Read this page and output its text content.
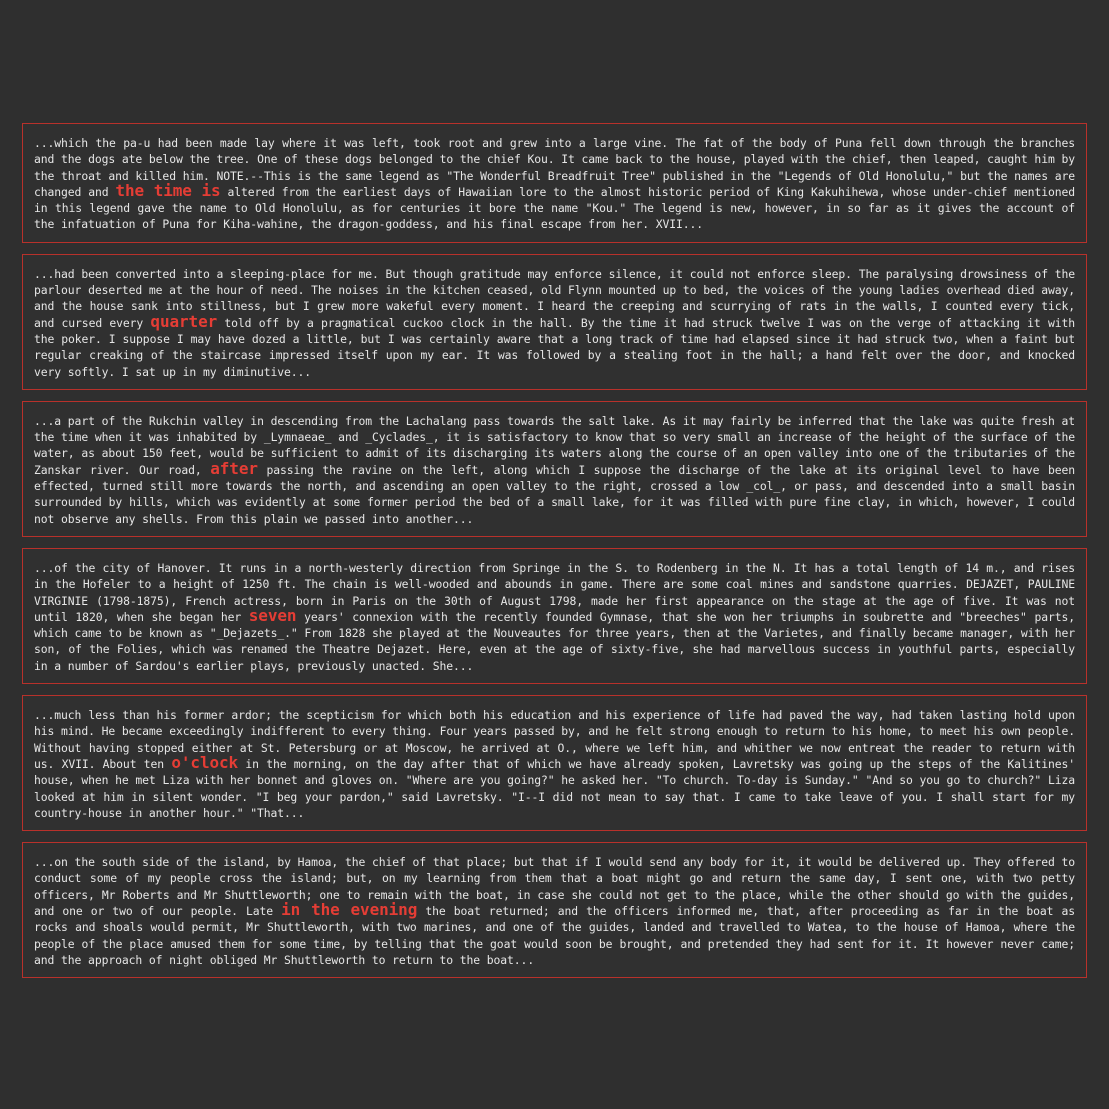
...which the pa-u had been made lay where it was left, took root and grew into a large vine. The fat of the body of Puna fell down through the branches and the dogs ate below the tree. One of these dogs belonged to the chief Kou. It came back to the house, played with the chief, then leaped, caught him by the throat and killed him. NOTE.--This is the same legend as "The Wonderful Breadfruit Tree" published in the "Legends of Old Honolulu," but the names are changed and the time is altered from the earliest days of Hawaiian lore to the almost historic period of King Kakuhihewa, whose under-chief mentioned in this legend gave the name to Old Honolulu, as for centuries it bore the name "Kou." The legend is new, however, in so far as it gives the account of the infatuation of Puna for Kiha-wahine, the dragon-goddess, and his final escape from her. XVII...
...had been converted into a sleeping-place for me. But though gratitude may enforce silence, it could not enforce sleep. The paralysing drowsiness of the parlour deserted me at the hour of need. The noises in the kitchen ceased, old Flynn mounted up to bed, the voices of the young ladies overhead died away, and the house sank into stillness, but I grew more wakeful every moment. I heard the creeping and scurrying of rats in the walls, I counted every tick, and cursed every quarter told off by a pragmatical cuckoo clock in the hall. By the time it had struck twelve I was on the verge of attacking it with the poker. I suppose I may have dozed a little, but I was certainly aware that a long track of time had elapsed since it had struck two, when a faint but regular creaking of the staircase impressed itself upon my ear. It was followed by a stealing foot in the hall; a hand felt over the door, and knocked very softly. I sat up in my diminutive...
...a part of the Rukchin valley in descending from the Lachalang pass towards the salt lake. As it may fairly be inferred that the lake was quite fresh at the time when it was inhabited by _Lymnaeae_ and _Cyclades_, it is satisfactory to know that so very small an increase of the height of the surface of the water, as about 150 feet, would be sufficient to admit of its discharging its waters along the course of an open valley into one of the tributaries of the Zanskar river. Our road, after passing the ravine on the left, along which I suppose the discharge of the lake at its original level to have been effected, turned still more towards the north, and ascending an open valley to the right, crossed a low _col_, or pass, and descended into a small basin surrounded by hills, which was evidently at some former period the bed of a small lake, for it was filled with pure fine clay, in which, however, I could not observe any shells. From this plain we passed into another...
...of the city of Hanover. It runs in a north-westerly direction from Springe in the S. to Rodenberg in the N. It has a total length of 14 m., and rises in the Hofeler to a height of 1250 ft. The chain is well-wooded and abounds in game. There are some coal mines and sandstone quarries. DEJAZET, PAULINE VIRGINIE (1798-1875), French actress, born in Paris on the 30th of August 1798, made her first appearance on the stage at the age of five. It was not until 1820, when she began her seven years' connexion with the recently founded Gymnase, that she won her triumphs in soubrette and "breeches" parts, which came to be known as "_Dejazets_." From 1828 she played at the Nouveautes for three years, then at the Varietes, and finally became manager, with her son, of the Folies, which was renamed the Theatre Dejazet. Here, even at the age of sixty-five, she had marvellous success in youthful parts, especially in a number of Sardou's earlier plays, previously unacted. She...
...much less than his former ardor; the scepticism for which both his education and his experience of life had paved the way, had taken lasting hold upon his mind. He became exceedingly indifferent to every thing. Four years passed by, and he felt strong enough to return to his home, to meet his own people. Without having stopped either at St. Petersburg or at Moscow, he arrived at O., where we left him, and whither we now entreat the reader to return with us. XVII. About ten o'clock in the morning, on the day after that of which we have already spoken, Lavretsky was going up the steps of the Kalitines' house, when he met Liza with her bonnet and gloves on. "Where are you going?" he asked her. "To church. To-day is Sunday." "And so you go to church?" Liza looked at him in silent wonder. "I beg your pardon," said Lavretsky. "I--I did not mean to say that. I came to take leave of you. I shall start for my country-house in another hour." "That...
...on the south side of the island, by Hamoa, the chief of that place; but that if I would send any body for it, it would be delivered up. They offered to conduct some of my people cross the island; but, on my learning from them that a boat might go and return the same day, I sent one, with two petty officers, Mr Roberts and Mr Shuttleworth; one to remain with the boat, in case she could not get to the place, while the other should go with the guides, and one or two of our people. Late in the evening the boat returned; and the officers informed me, that, after proceeding as far in the boat as rocks and shoals would permit, Mr Shuttleworth, with two marines, and one of the guides, landed and travelled to Watea, to the house of Hamoa, where the people of the place amused them for some time, by telling that the goat would soon be brought, and pretended they had sent for it. It however never came; and the approach of night obliged Mr Shuttleworth to return to the boat...
